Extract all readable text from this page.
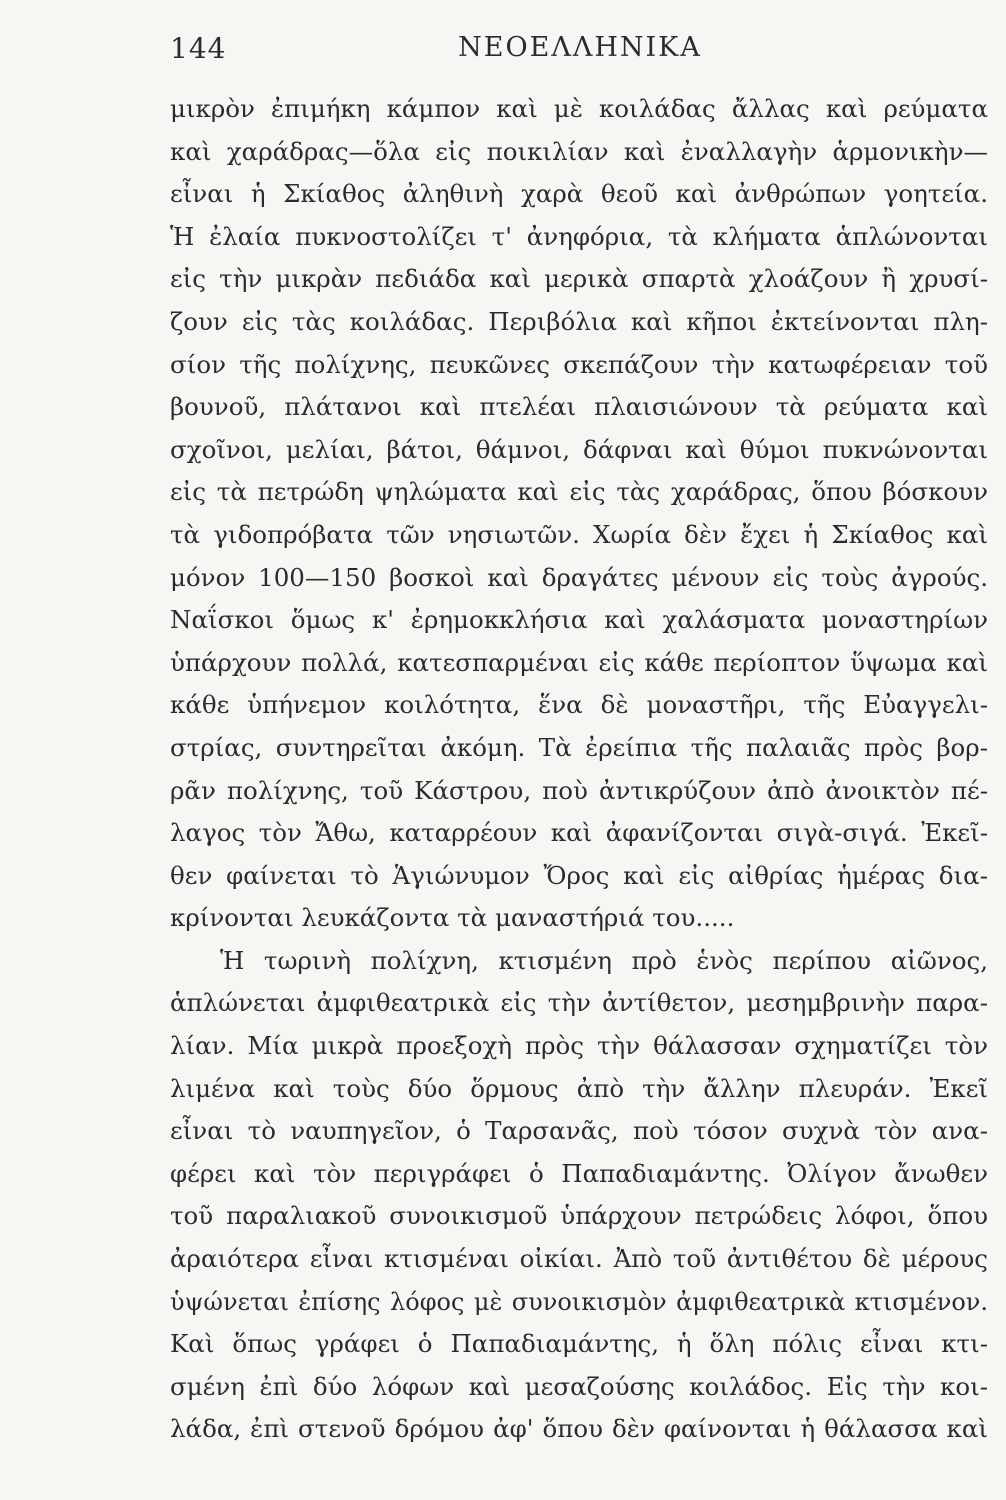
144	ΝΕΟΕΛΛΗΝΙΚΑ
μικρὸν ἐπιμήκη κάμπον καὶ μὲ κοιλάδας ἄλλας καὶ ρεύματα
καὶ χαράδρας—ὅλα εἰς ποικιλίαν καὶ ἐναλλαγὴν ἁρμονικὴν—
εἶναι ἡ Σκίαθος ἀληθινὴ χαρὰ θεοῦ καὶ ἀνθρώπων γοητεία.
Ἡ ἐλαία πυκνοστολίζει τ' ἀνηφόρια, τὰ κλήματα ἁπλώνονται
εἰς τὴν μικρὰν πεδιάδα καὶ μερικὰ σπαρτὰ χλοάζουν ἢ χρυσί-
ζουν εἰς τὰς κοιλάδας. Περιβόλια καὶ κῆποι ἐκτείνονται πλη-
σίον τῆς πολίχνης, πευκῶνες σκεπάζουν τὴν κατωφέρειαν τοῦ
βουνοῦ, πλάτανοι καὶ πτελέαι πλαισιώνουν τὰ ρεύματα καὶ
σχοῖνοι, μελίαι, βάτοι, θάμνοι, δάφναι καὶ θύμοι πυκνώνονται
εἰς τὰ πετρώδη ψηλώματα καὶ εἰς τὰς χαράδρας, ὅπου βόσκουν
τὰ γιδοπρόβατα τῶν νησιωτῶν. Χωρία δὲν ἔχει ἡ Σκίαθος καὶ
μόνον 100—150 βοσκοὶ καὶ δραγάτες μένουν εἰς τοὺς ἀγρούς.
Ναΐσκοι ὅμως κ' ἐρημοκκλήσια καὶ χαλάσματα μοναστηρίων
ὑπάρχουν πολλά, κατεσπαρμέναι εἰς κάθε περίοπτον ὕψωμα καὶ
κάθε ὑπήνεμον κοιλότητα, ἕνα δὲ μοναστῆρι, τῆς Εὐαγγελι-
στρίας, συντηρεῖται ἀκόμη. Τὰ ἐρείπια τῆς παλαιᾶς πρὸς βορ-
ρᾶν πολίχνης, τοῦ Κάστρου, ποὺ ἀντικρύζουν ἀπὸ ἀνοικτὸν πέ-
λαγος τὸν Ἄθω, καταρρέουν καὶ ἀφανίζονται σιγὰ-σιγά. Ἐκεῖ-
θεν φαίνεται τὸ Ἁγιώνυμον Ὄρος καὶ εἰς αἰθρίας ἡμέρας δια-
κρίνονται λευκάζοντα τὰ μαναστήριά του.....
Ἡ τωρινὴ πολίχνη, κτισμένη πρὸ ἑνὸς περίπου αἰῶνος,
ἁπλώνεται ἀμφιθεατρικὰ εἰς τὴν ἀντίθετον, μεσημβρινὴν παρα-
λίαν. Μία μικρὰ προεξοχὴ πρὸς τὴν θάλασσαν σχηματίζει τὸν
λιμένα καὶ τοὺς δύο ὅρμους ἀπὸ τὴν ἄλλην πλευράν. Ἐκεῖ
εἶναι τὸ ναυπηγεῖον, ὁ Ταρσανᾶς, ποὺ τόσον συχνὰ τὸν ανα-
φέρει καὶ τὸν περιγράφει ὁ Παπαδιαμάντης. Ὀλίγον ἄνωθεν
τοῦ παραλιακοῦ συνοικισμοῦ ὑπάρχουν πετρώδεις λόφοι, ὅπου
ἀραιότερα εἶναι κτισμέναι οἰκίαι. Ἀπὸ τοῦ ἀντιθέτου δὲ μέρους
ὑψώνεται ἐπίσης λόφος μὲ συνοικισμὸν ἀμφιθεατρικὰ κτισμένον.
Καὶ ὅπως γράφει ὁ Παπαδιαμάντης, ἡ ὅλη πόλις εἶναι κτι-
σμένη ἐπὶ δύο λόφων καὶ μεσαζούσης κοιλάδος. Εἰς τὴν κοι-
λάδα, ἐπὶ στενοῦ δρόμου ἀφ' ὅπου δὲν φαίνονται ἡ θάλασσα καὶ
